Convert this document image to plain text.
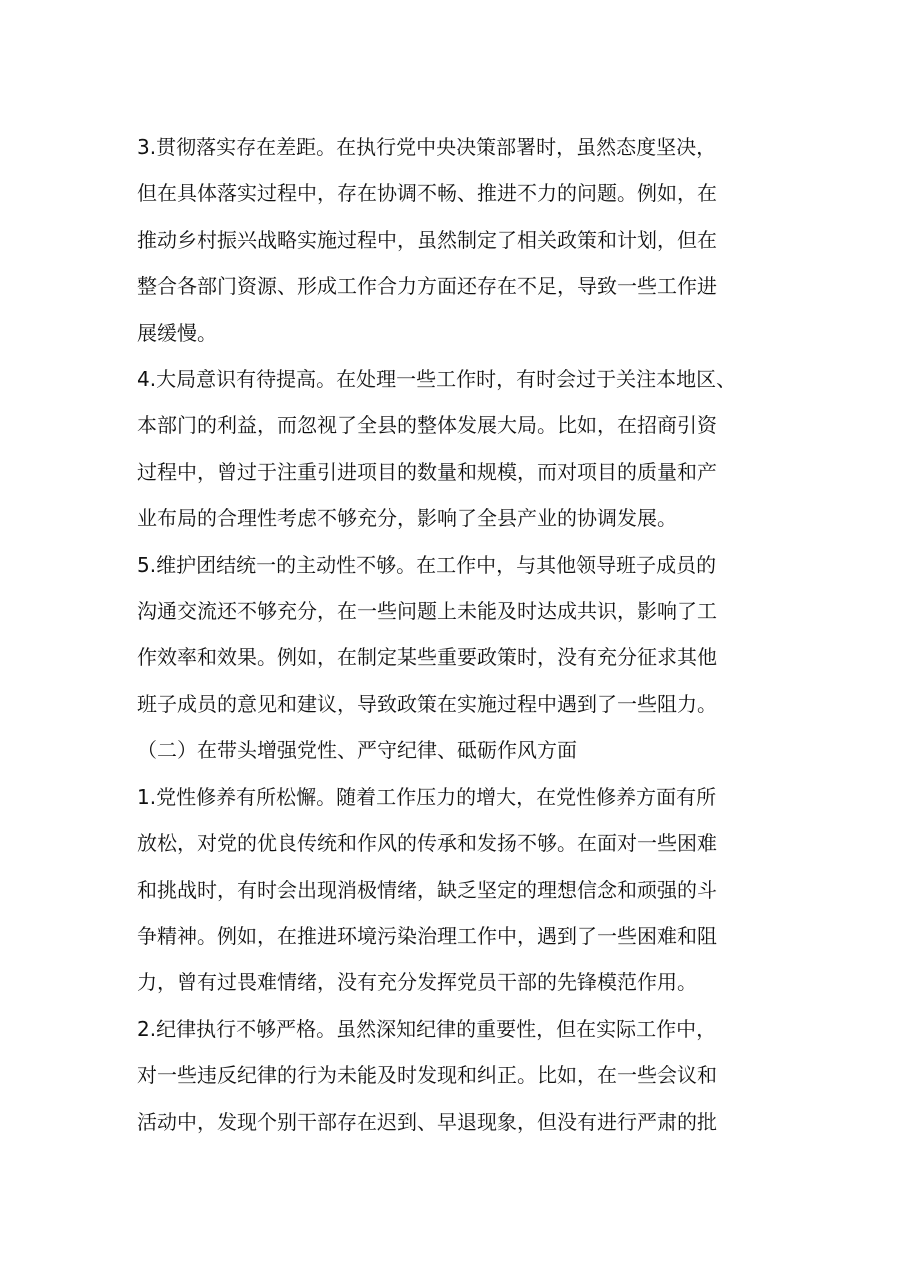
3.贯彻落实存在差距。在执行党中央决策部署时，虽然态度坚决，
但在具体落实过程中，存在协调不畅、推进不力的问题。例如，在
推动乡村振兴战略实施过程中，虽然制定了相关政策和计划，但在
整合各部门资源、形成工作合力方面还存在不足，导致一些工作进
展缓慢。
4.大局意识有待提高。在处理一些工作时，有时会过于关注本地区、
本部门的利益，而忽视了全县的整体发展大局。比如，在招商引资
过程中，曾过于注重引进项目的数量和规模，而对项目的质量和产
业布局的合理性考虑不够充分，影响了全县产业的协调发展。
5.维护团结统一的主动性不够。在工作中，与其他领导班子成员的
沟通交流还不够充分，在一些问题上未能及时达成共识，影响了工
作效率和效果。例如，在制定某些重要政策时，没有充分征求其他
班子成员的意见和建议，导致政策在实施过程中遇到了一些阻力。
（二）在带头增强党性、严守纪律、砥砺作风方面
1.党性修养有所松懈。随着工作压力的增大，在党性修养方面有所
放松，对党的优良传统和作风的传承和发扬不够。在面对一些困难
和挑战时，有时会出现消极情绪，缺乏坚定的理想信念和顽强的斗
争精神。例如，在推进环境污染治理工作中，遇到了一些困难和阻
力，曾有过畏难情绪，没有充分发挥党员干部的先锋模范作用。
2.纪律执行不够严格。虽然深知纪律的重要性，但在实际工作中，
对一些违反纪律的行为未能及时发现和纠正。比如，在一些会议和
活动中，发现个别干部存在迟到、早退现象，但没有进行严肃的批
